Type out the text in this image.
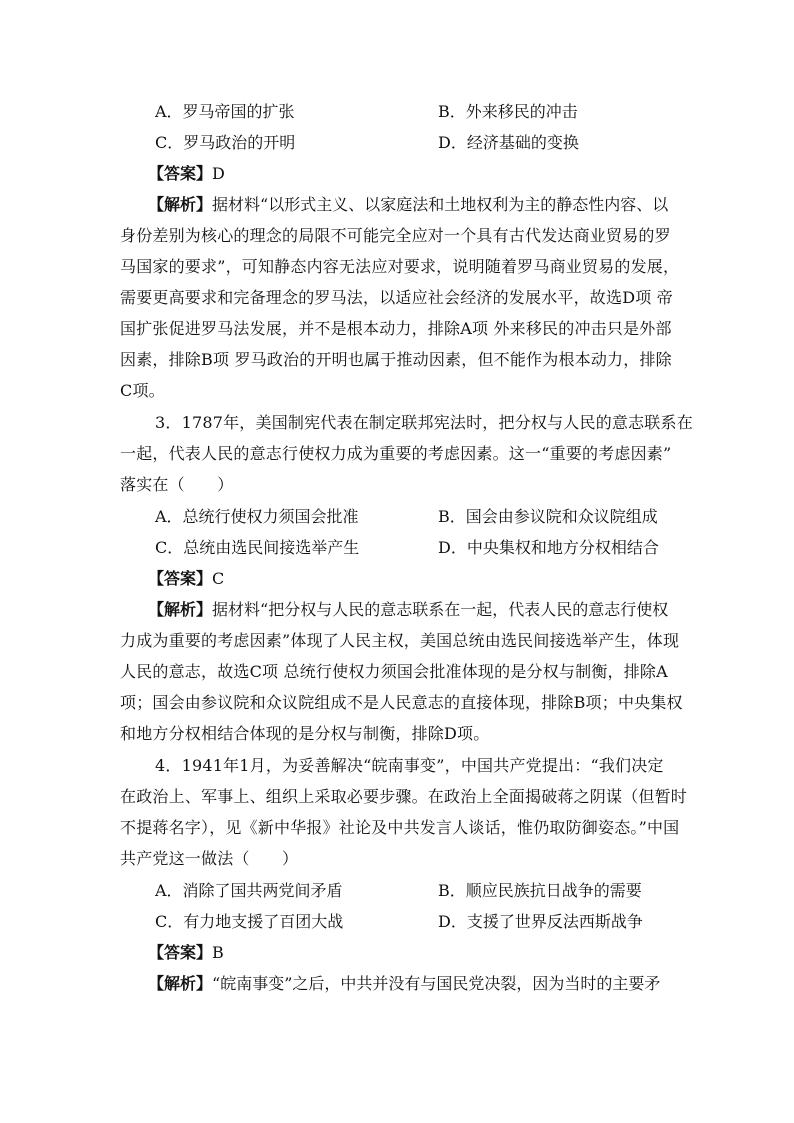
A．罗马帝国的扩张	B．外来移民的冲击
C．罗马政治的开明	D．经济基础的变换
【答案】D
【解析】据材料“以形式主义、以家庭法和土地权利为主的静态性内容、以
身份差别为核心的理念的局限不可能完全应对一个具有古代发达商业贸易的罗
马国家的要求”，可知静态内容无法应对要求，说明随着罗马商业贸易的发展，
需要更高要求和完备理念的罗马法，以适应社会经济的发展水平，故选D项 帝
国扩张促进罗马法发展，并不是根本动力，排除A项 外来移民的冲击只是外部
因素，排除B项 罗马政治的开明也属于推动因素，但不能作为根本动力，排除
C项。
3．1787年，美国制宪代表在制定联邦宪法时，把分权与人民的意志联系在
一起，代表人民的意志行使权力成为重要的考虑因素。这一“重要的考虑因素”
落实在（　　）
A．总统行使权力须国会批准	B．国会由参议院和众议院组成
C．总统由选民间接选举产生	D．中央集权和地方分权相结合
【答案】C
【解析】据材料“把分权与人民的意志联系在一起，代表人民的意志行使权
力成为重要的考虑因素”体现了人民主权，美国总统由选民间接选举产生，体现
人民的意志，故选C项 总统行使权力须国会批准体现的是分权与制衡，排除A
项；国会由参议院和众议院组成不是人民意志的直接体现，排除B项；中央集权
和地方分权相结合体现的是分权与制衡，排除D项。
4．1941年1月，为妥善解决“皖南事变”，中国共产党提出：“我们决定
在政治上、军事上、组织上采取必要步骤。在政治上全面揭破蒋之阴谋（但暂时
不提蒋名字），见《新中华报》社论及中共发言人谈话，惟仍取防御姿态。”中国
共产党这一做法（　　）
A．消除了国共两党间矛盾	B．顺应民族抗日战争的需要
C．有力地支援了百团大战	D．支援了世界反法西斯战争
【答案】B
【解析】“皖南事变”之后，中共并没有与国民党决裂，因为当时的主要矛
